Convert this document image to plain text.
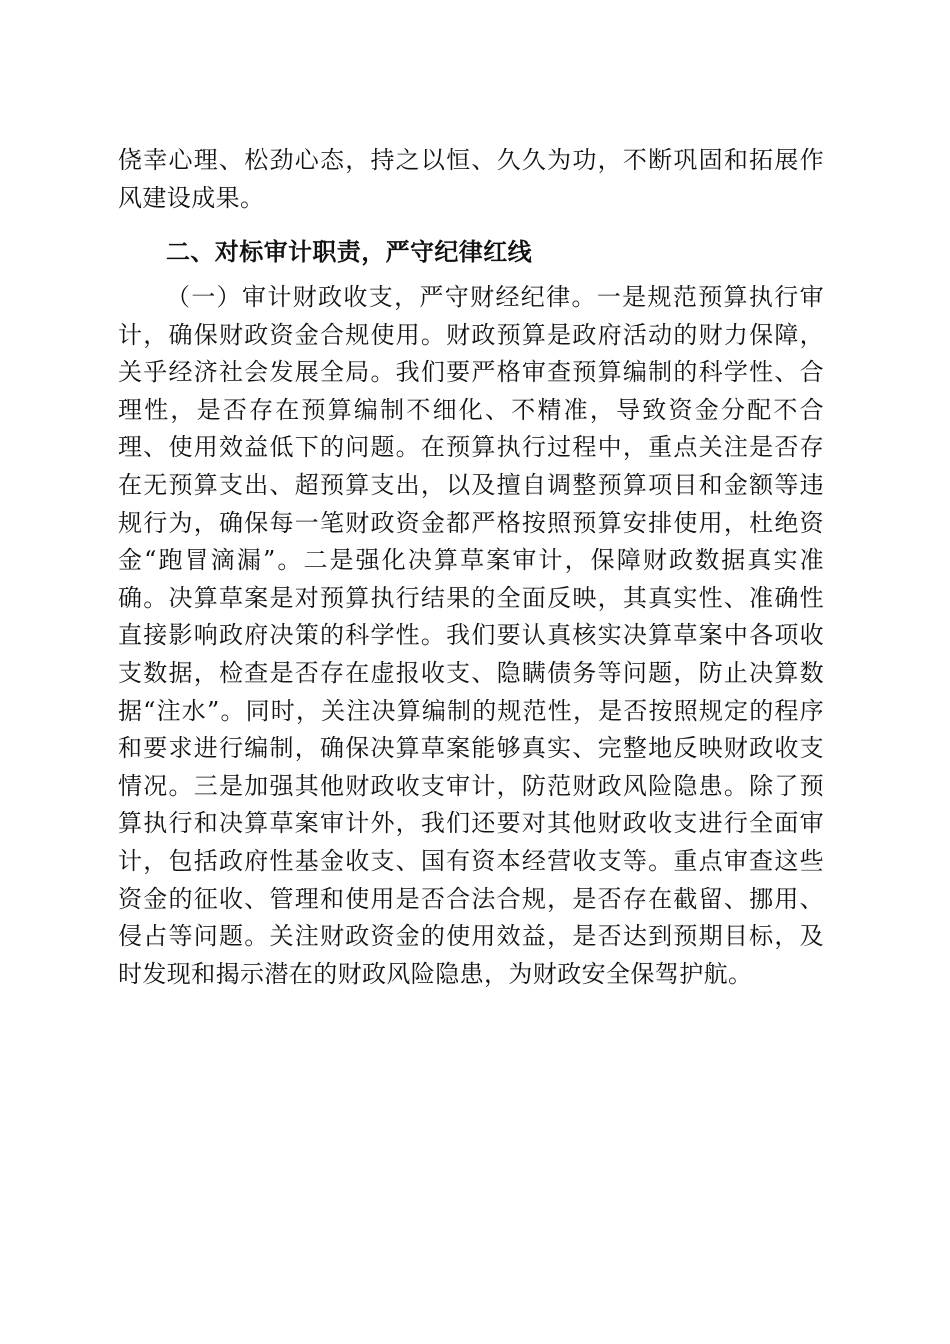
侥幸心理、松劲心态，持之以恒、久久为功，不断巩固和拓展作风建设成果。

二、对标审计职责，严守纪律红线

（一）审计财政收支，严守财经纪律。一是规范预算执行审计，确保财政资金合规使用。财政预算是政府活动的财力保障，关乎经济社会发展全局。我们要严格审查预算编制的科学性、合理性，是否存在预算编制不细化、不精准，导致资金分配不合理、使用效益低下的问题。在预算执行过程中，重点关注是否存在无预算支出、超预算支出，以及擅自调整预算项目和金额等违规行为，确保每一笔财政资金都严格按照预算安排使用，杜绝资金“跑冒滴漏”。二是强化决算草案审计，保障财政数据真实准确。决算草案是对预算执行结果的全面反映，其真实性、准确性直接影响政府决策的科学性。我们要认真核实决算草案中各项收支数据，检查是否存在虚报收支、隐瞒债务等问题，防止决算数据“注水”。同时，关注决算编制的规范性，是否按照规定的程序和要求进行编制，确保决算草案能够真实、完整地反映财政收支情况。三是加强其他财政收支审计，防范财政风险隐患。除了预算执行和决算草案审计外，我们还要对其他财政收支进行全面审计，包括政府性基金收支、国有资本经营收支等。重点审查这些资金的征收、管理和使用是否合法合规，是否存在截留、挪用、侵占等问题。关注财政资金的使用效益，是否达到预期目标，及时发现和揭示潜在的财政风险隐患，为财政安全保驾护航。
